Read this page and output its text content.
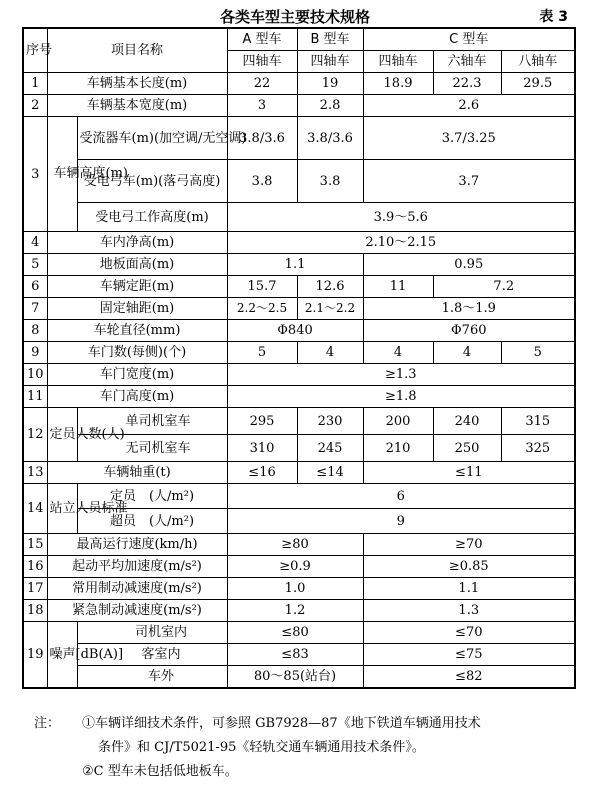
各类车型主要技术规格	表 3
序号	项目名称		A 型车	B 型车	C 型车		
			四轴车	四轴车	四轴车	六轴车	八轴车
1	车辆基本长度(m)		22	19	18.9	22.3	29.5
2	车辆基本宽度(m)		3	2.8	2.6		
3	车辆高度(m)	受流器车(m)(加空调/无空调)	3.8/3.6	3.8/3.6	3.7/3.25		
		受电弓车(m)(落弓高度)	3.8	3.8	3.7		
		受电弓工作高度(m)	3.9～5.6				
4	车内净高(m)		2.10～2.15				
5	地板面高(m)		1.1		0.95		
6	车辆定距(m)		15.7	12.6	11	7.2	
7	固定轴距(m)		2.2～2.5	2.1～2.2	1.8～1.9		
8	车轮直径(mm)		Φ840		Φ760		
9	车门数(每侧)(个)		5	4	4	4	5
10	车门宽度(m)		≥1.3				
11	车门高度(m)		≥1.8				
12	定员人数(人)	单司机室车	295	230	200	240	315
		无司机室车	310	245	210	250	325
13	车辆轴重(t)		≤16	≤14	≤11		
14	站立人员标准	定员　(人/m²)	6				
		超员　(人/m²)	9				
15	最高运行速度(km/h)		≥80		≥70		
16	起动平均加速度(m/s²)		≥0.9		≥0.85		
17	常用制动减速度(m/s²)		1.0		1.1		
18	紧急制动减速度(m/s²)		1.2		1.3		
19	噪声[dB(A)]	司机室内	≤80		≤70		
		客室内	≤83		≤75		
		车外	80～85(站台)		≤82		
注： ①车辆详细技术条件，可参照 GB7928—87《地下铁道车辆通用技术
条件》和 CJ/T5021-95《轻轨交通车辆通用技术条件》。
②C 型车未包括低地板车。
